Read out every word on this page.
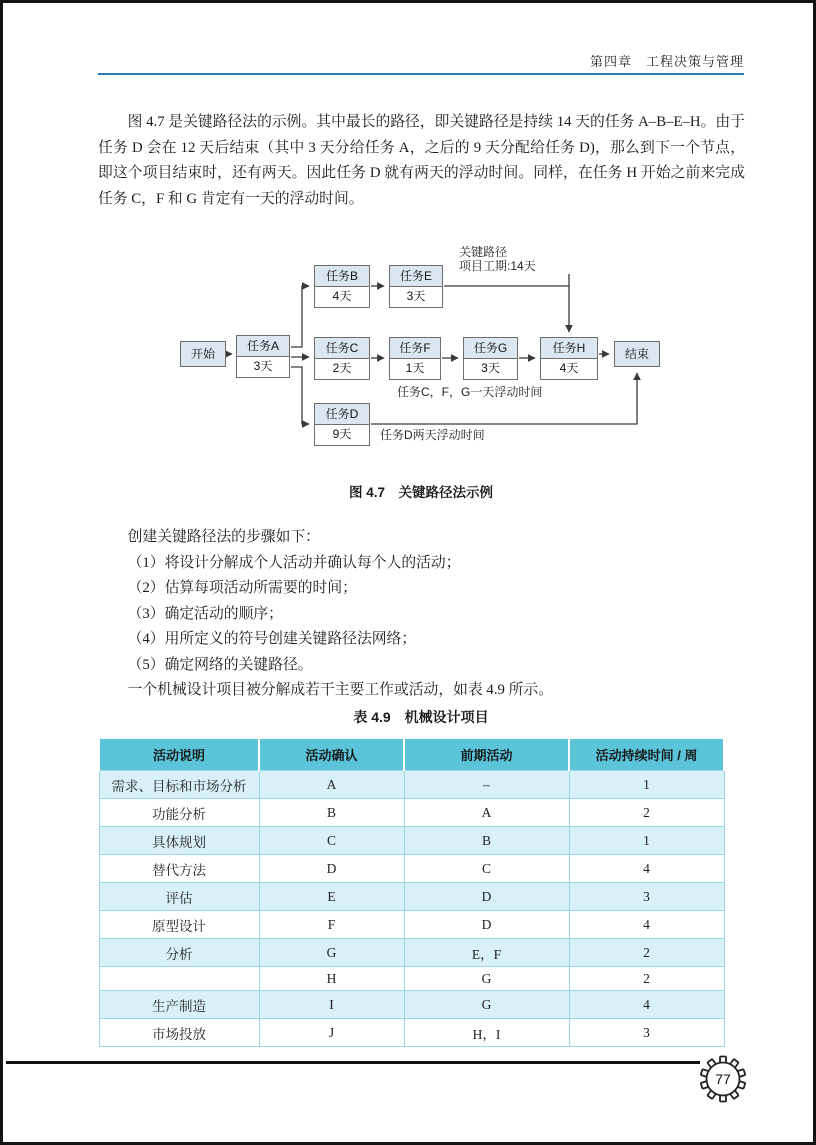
第四章　工程决策与管理

图 4.7 是关键路径法的示例。其中最长的路径，即关键路径是持续 14 天的任务 A–B–E–H。由于任务 D 会在 12 天后结束（其中 3 天分给任务 A，之后的 9 天分配给任务 D)，那么到下一个节点，即这个项目结束时，还有两天。因此任务 D 就有两天的浮动时间。同样，在任务 H 开始之前来完成任务 C，F 和 G 肯定有一天的浮动时间。

开始
任务A
3天
任务B
4天
任务E
3天
任务C
2天
任务F
1天
任务G
3天
任务H
4天
任务D
9天
结束
关键路径
项目工期:14天
任务C，F，G一天浮动时间
任务D两天浮动时间
图 4.7　关键路径法示例

创建关键路径法的步骤如下：

（1）将设计分解成个人活动并确认每个人的活动；

（2）估算每项活动所需要的时间；

（3）确定活动的顺序；

（4）用所定义的符号创建关键路径法网络；

（5）确定网络的关键路径。

一个机械设计项目被分解成若干主要工作或活动，如表 4.9 所示。

表 4.9　机械设计项目
活动说明	活动确认	前期活动	活动持续时间 / 周
需求、目标和市场分析	A	–	1
功能分析	B	A	2
具体规划	C	B	1
替代方法	D	C	4
评估	E	D	3
原型设计	F	D	4
分析	G	E，F	2
	H	G	2
生产制造	I	G	4
市场投放	J	H，I	3
77
